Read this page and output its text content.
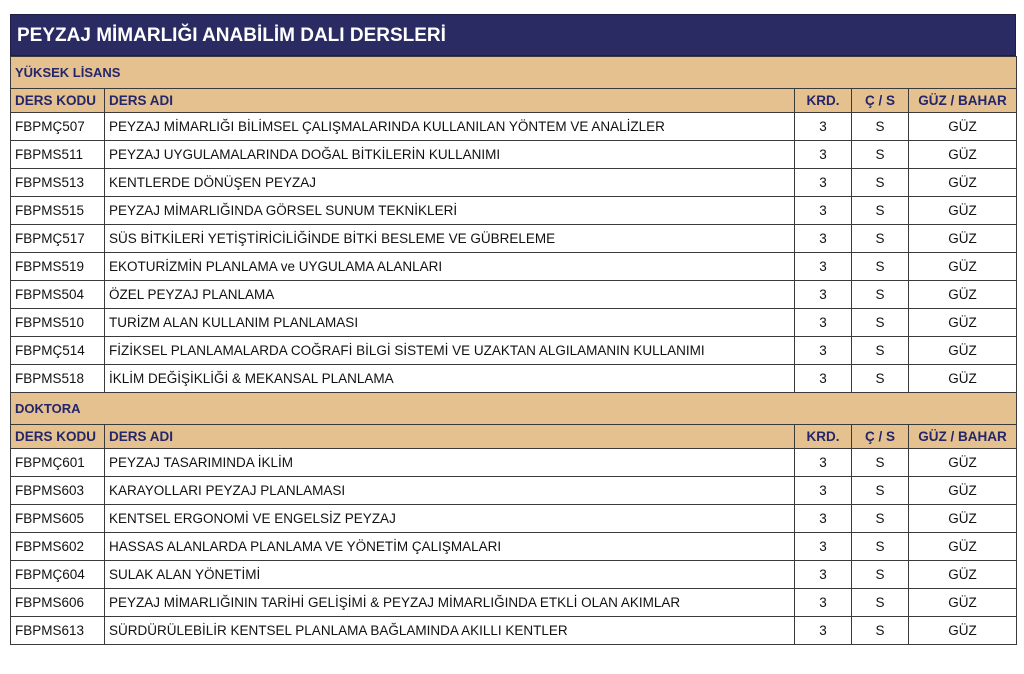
PEYZAJ MİMARLIĞI ANABİLİM DALI DERSLERİ
YÜKSEK LİSANS				
DERS KODU	DERS ADI	KRD.	Ç / S	GÜZ / BAHAR
FBPMÇ507	PEYZAJ MİMARLIĞI BİLİMSEL ÇALIŞMALARINDA KULLANILAN YÖNTEM VE ANALİZLER	3	S	GÜZ
FBPMS511	PEYZAJ UYGULAMALARINDA DOĞAL BİTKİLERİN KULLANIMI	3	S	GÜZ
FBPMS513	KENTLERDE DÖNÜŞEN PEYZAJ	3	S	GÜZ
FBPMS515	PEYZAJ MİMARLIĞINDA GÖRSEL SUNUM TEKNİKLERİ	3	S	GÜZ
FBPMÇ517	SÜS BİTKİLERİ YETİŞTİRİCİLİĞİNDE BİTKİ BESLEME VE GÜBRELEME	3	S	GÜZ
FBPMS519	EKOTURİZMİN PLANLAMA ve UYGULAMA ALANLARI	3	S	GÜZ
FBPMS504	ÖZEL PEYZAJ PLANLAMA	3	S	GÜZ
FBPMS510	TURİZM ALAN KULLANIM PLANLAMASI	3	S	GÜZ
FBPMÇ514	FİZİKSEL PLANLAMALARDA COĞRAFİ BİLGİ SİSTEMİ VE UZAKTAN ALGILAMANIN KULLANIMI	3	S	GÜZ
FBPMS518	İKLİM DEĞİŞİKLİĞİ & MEKANSAL PLANLAMA	3	S	GÜZ
DOKTORA				
DERS KODU	DERS ADI	KRD.	Ç / S	GÜZ / BAHAR
FBPMÇ601	PEYZAJ TASARIMINDA İKLİM	3	S	GÜZ
FBPMS603	KARAYOLLARI PEYZAJ PLANLAMASI	3	S	GÜZ
FBPMS605	KENTSEL ERGONOMİ VE ENGELSİZ PEYZAJ	3	S	GÜZ
FBPMS602	HASSAS ALANLARDA PLANLAMA VE YÖNETİM ÇALIŞMALARI	3	S	GÜZ
FBPMÇ604	SULAK ALAN YÖNETİMİ	3	S	GÜZ
FBPMS606	PEYZAJ MİMARLIĞININ TARİHİ GELİŞİMİ & PEYZAJ MİMARLIĞINDA ETKLİ OLAN AKIMLAR	3	S	GÜZ
FBPMS613	SÜRDÜRÜLEBİLİR KENTSEL PLANLAMA BAĞLAMINDA AKILLI KENTLER	3	S	GÜZ
